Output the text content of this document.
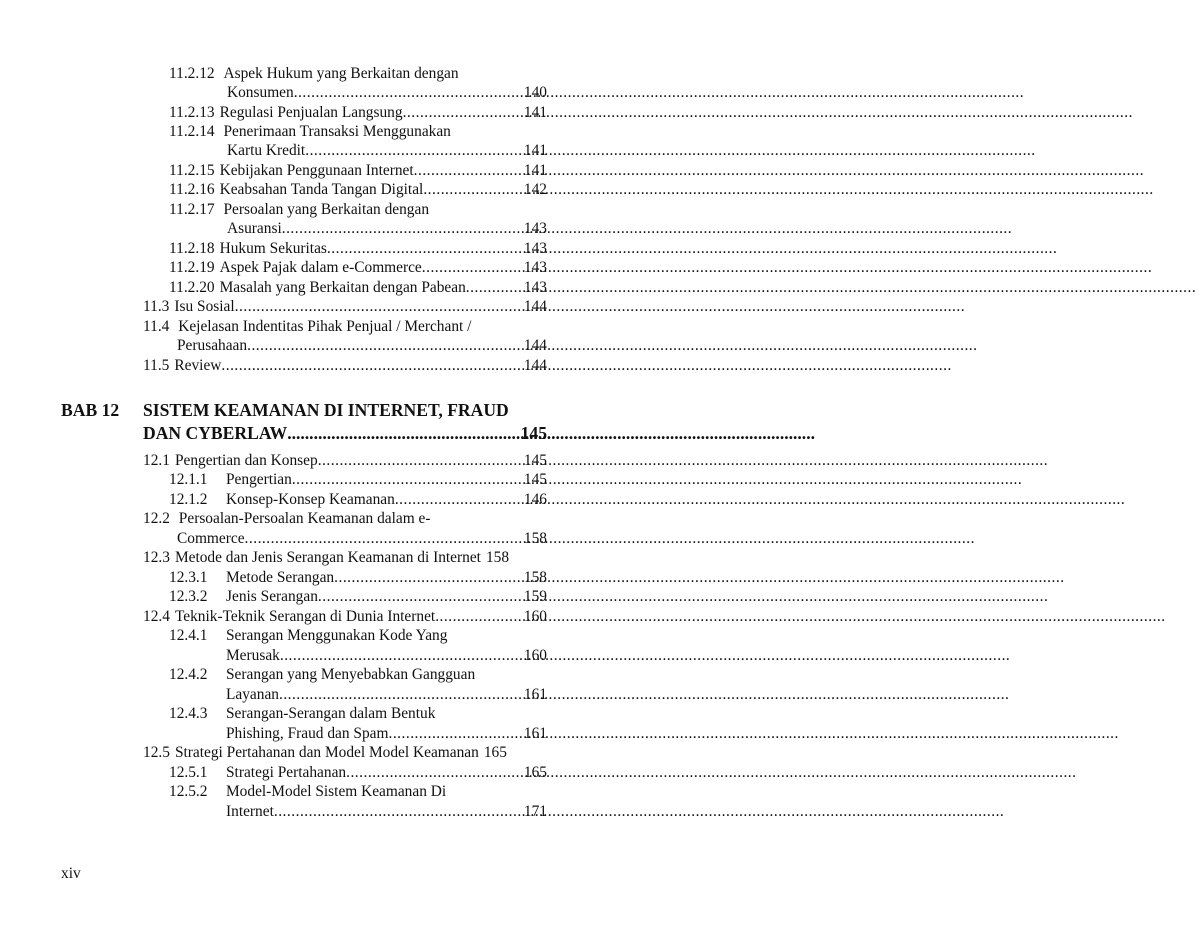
11.2.12 Aspek Hukum yang Berkaitan dengan
Konsumen .....	140
11.2.13 Regulasi Penjualan Langsung .....	141
11.2.14 Penerimaan Transaksi Menggunakan
Kartu Kredit .....	141
11.2.15 Kebijakan Penggunaan Internet .....	141
11.2.16 Keabsahan Tanda Tangan Digital .....	142
11.2.17 Persoalan yang Berkaitan dengan
Asuransi .....	143
11.2.18 Hukum Sekuritas .....	143
11.2.19 Aspek Pajak dalam e-Commerce .....	143
11.2.20 Masalah yang Berkaitan dengan Pabean .....	143
11.3 Isu Sosial .....	144
11.4 Kejelasan Indentitas Pihak Penjual / Merchant /
Perusahaan .....	144
11.5 Review .....	144
BAB 12 SISTEM KEAMANAN DI INTERNET, FRAUD
DAN CYBERLAW .....	145
12.1 Pengertian dan Konsep .....	145
12.1.1	Pengertian .....	145
12.1.2	Konsep-Konsep Keamanan .....	146
12.2 Persoalan-Persoalan Keamanan dalam e-
Commerce .....	158
12.3 Metode dan Jenis Serangan Keamanan di Internet 158
12.3.1	Metode Serangan .....	158
12.3.2	Jenis Serangan .....	159
12.4 Teknik-Teknik Serangan di Dunia Internet .....	160
12.4.1 Serangan Menggunakan Kode Yang
Merusak .....	160
12.4.2 Serangan yang Menyebabkan Gangguan
Layanan .....	161
12.4.3 Serangan-Serangan dalam Bentuk
Phishing, Fraud dan Spam .....	161
12.5 Strategi Pertahanan dan Model Model Keamanan 165
12.5.1	Strategi Pertahanan .....	165
12.5.2 Model-Model Sistem Keamanan Di
Internet .....	171
xiv
